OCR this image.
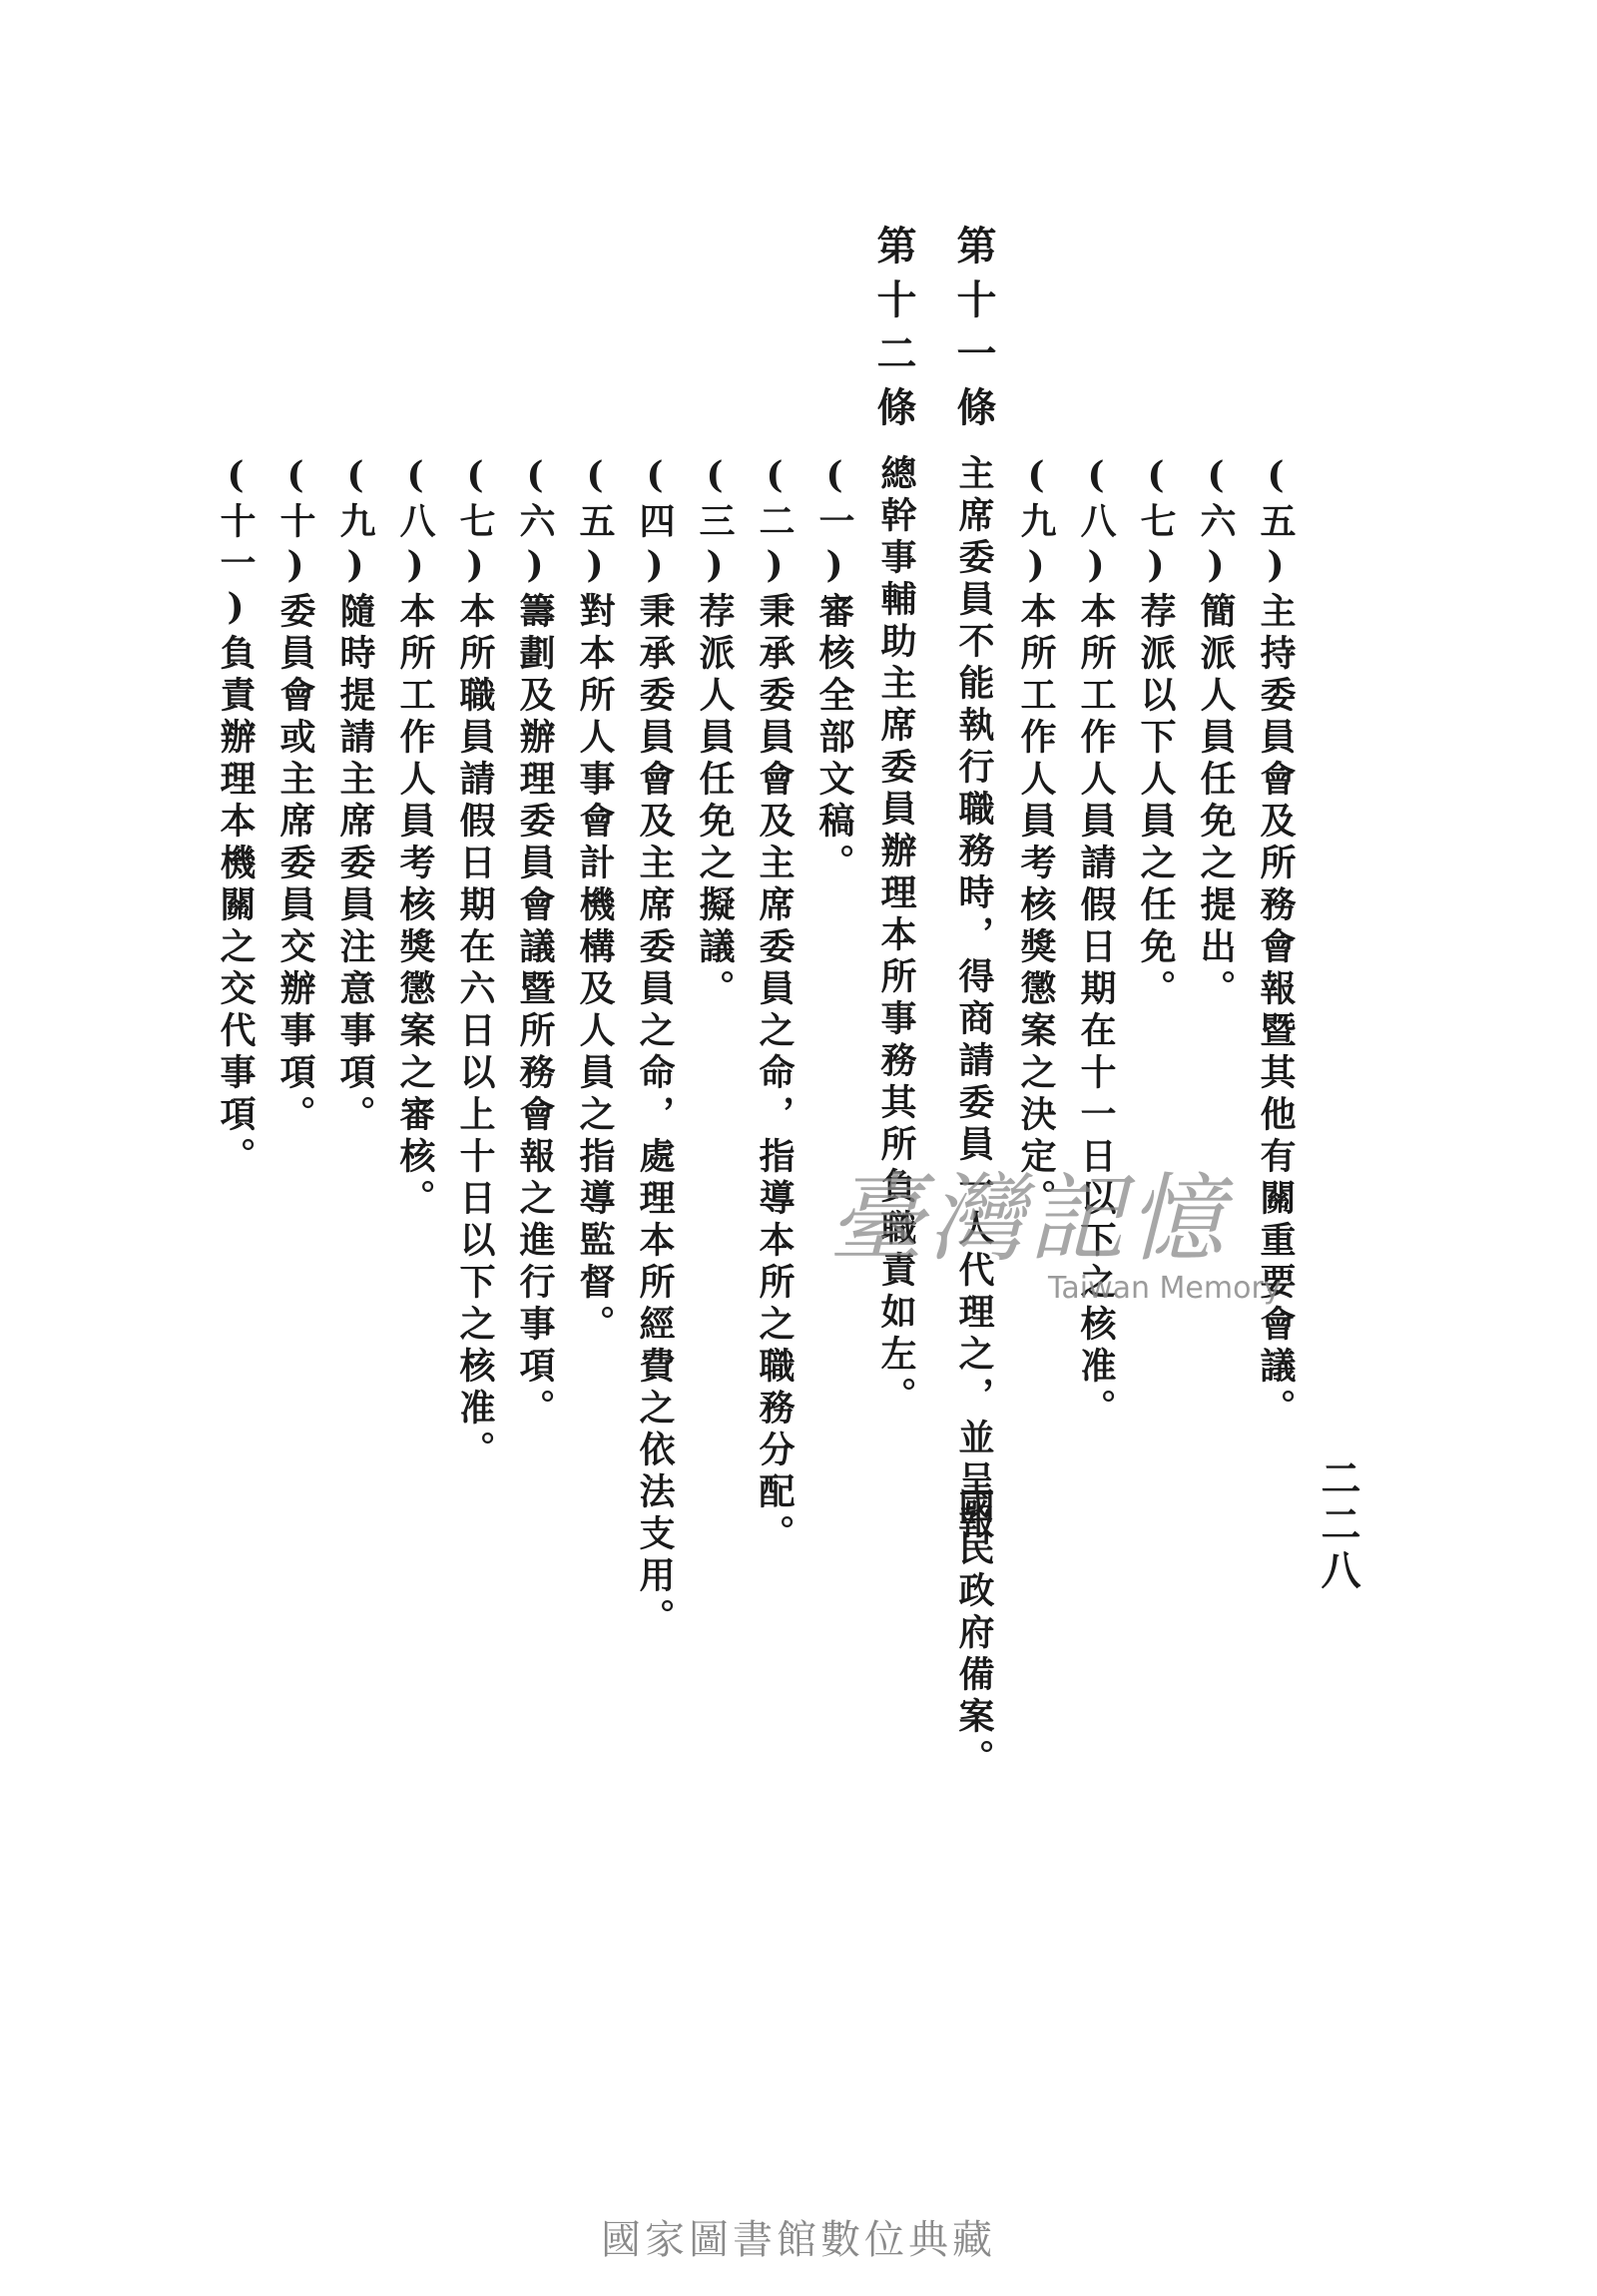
二二八
(五)主持委員會及所務會報暨其他有關重要會議。
(六)簡派人員任免之提出。
(七)荐派以下人員之任免。
(八)本所工作人員請假日期在十一日以下之核准。
(九)本所工作人員考核獎懲案之決定。
第十一條
主席委員不能執行職務時，得商請委員一人代理之，並呈報
國民政府備案。
第十二條
總幹事輔助主席委員辦理本所事務其所負職責如左。
(一)審核全部文稿。
(二)秉承委員會及主席委員之命，指導本所之職務分配。
(三)荐派人員任免之擬議。
(四)秉承委員會及主席委員之命，處理本所經費之依法支用。
(五)對本所人事會計機構及人員之指導監督。
(六)籌劃及辦理委員會議暨所務會報之進行事項。
(七)本所職員請假日期在六日以上十日以下之核准。
(八)本所工作人員考核獎懲案之審核。
(九)隨時提請主席委員注意事項。
(十)委員會或主席委員交辦事項。
(十一)負責辦理本機關之交代事項。
臺灣記憶
Taiwan Memory
國家圖書館數位典藏
